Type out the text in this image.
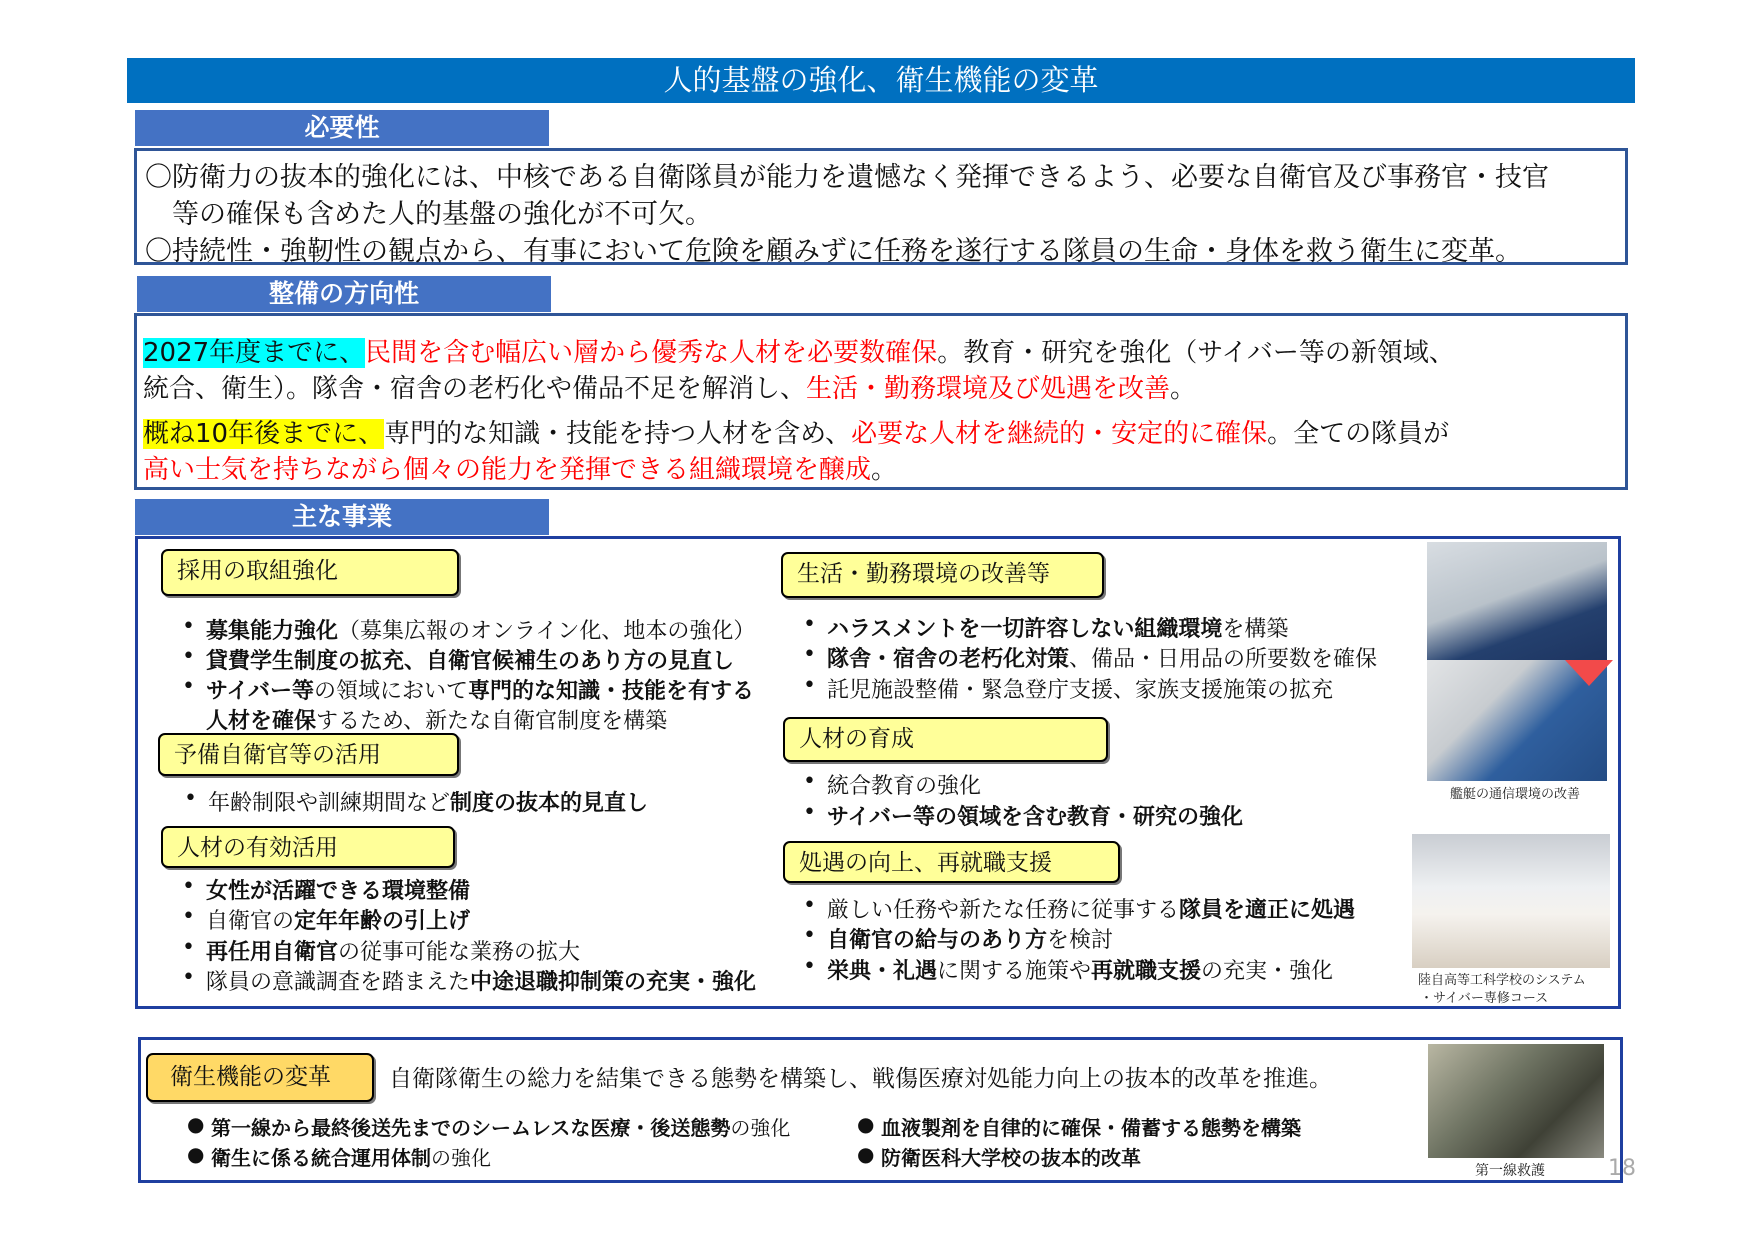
人的基盤の強化、衛生機能の変革
必要性
〇防衛力の抜本的強化には、中核である自衛隊員が能力を遺憾なく発揮できるよう、必要な自衛官及び事務官・技官
　等の確保も含めた人的基盤の強化が不可欠。
〇持続性・強靭性の観点から、有事において危険を顧みずに任務を遂行する隊員の生命・身体を救う衛生に変革。
整備の方向性
2027年度までに、民間を含む幅広い層から優秀な人材を必要数確保。教育・研究を強化（サイバー等の新領域、
統合、衛生）。隊舎・宿舎の老朽化や備品不足を解消し、生活・勤務環境及び処遇を改善。
概ね10年後までに、専門的な知識・技能を持つ人材を含め、必要な人材を継続的・安定的に確保。全ての隊員が
高い士気を持ちながら個々の能力を発揮できる組織環境を醸成。
主な事業
採用の取組強化
予備自衛官等の活用
人材の有効活用
生活・勤務環境の改善等
人材の育成
処遇の向上、再就職支援
艦艇の通信環境の改善
陸自高等工科学校のシステム
・サイバー専修コース
衛生機能の変革	自衛隊衛生の総力を結集できる態勢を構築し、戦傷医療対処能力向上の抜本的改革を推進。
第一線救護	18
• 募集能力強化（募集広報のオンライン化、地本の強化）
• 貸費学生制度の拡充、自衛官候補生のあり方の見直し
• サイバー等の領域において専門的な知識・技能を有する
人材を確保するため、新たな自衛官制度を構築
• 年齢制限や訓練期間など制度の抜本的見直し
• 女性が活躍できる環境整備
• 自衛官の定年年齢の引上げ
• 再任用自衛官の従事可能な業務の拡大
• 隊員の意識調査を踏まえた中途退職抑制策の充実・強化
• ハラスメントを一切許容しない組織環境を構築
• 隊舎・宿舎の老朽化対策、備品・日用品の所要数を確保
• 託児施設整備・緊急登庁支援、家族支援施策の拡充
• 統合教育の強化
• サイバー等の領域を含む教育・研究の強化
• 厳しい任務や新たな任務に従事する隊員を適正に処遇
• 自衛官の給与のあり方を検討
• 栄典・礼遇に関する施策や再就職支援の充実・強化
● 第一線から最終後送先までのシームレスな医療・後送態勢の強化
● 衛生に係る統合運用体制の強化
● 血液製剤を自律的に確保・備蓄する態勢を構築
● 防衛医科大学校の抜本的改革
